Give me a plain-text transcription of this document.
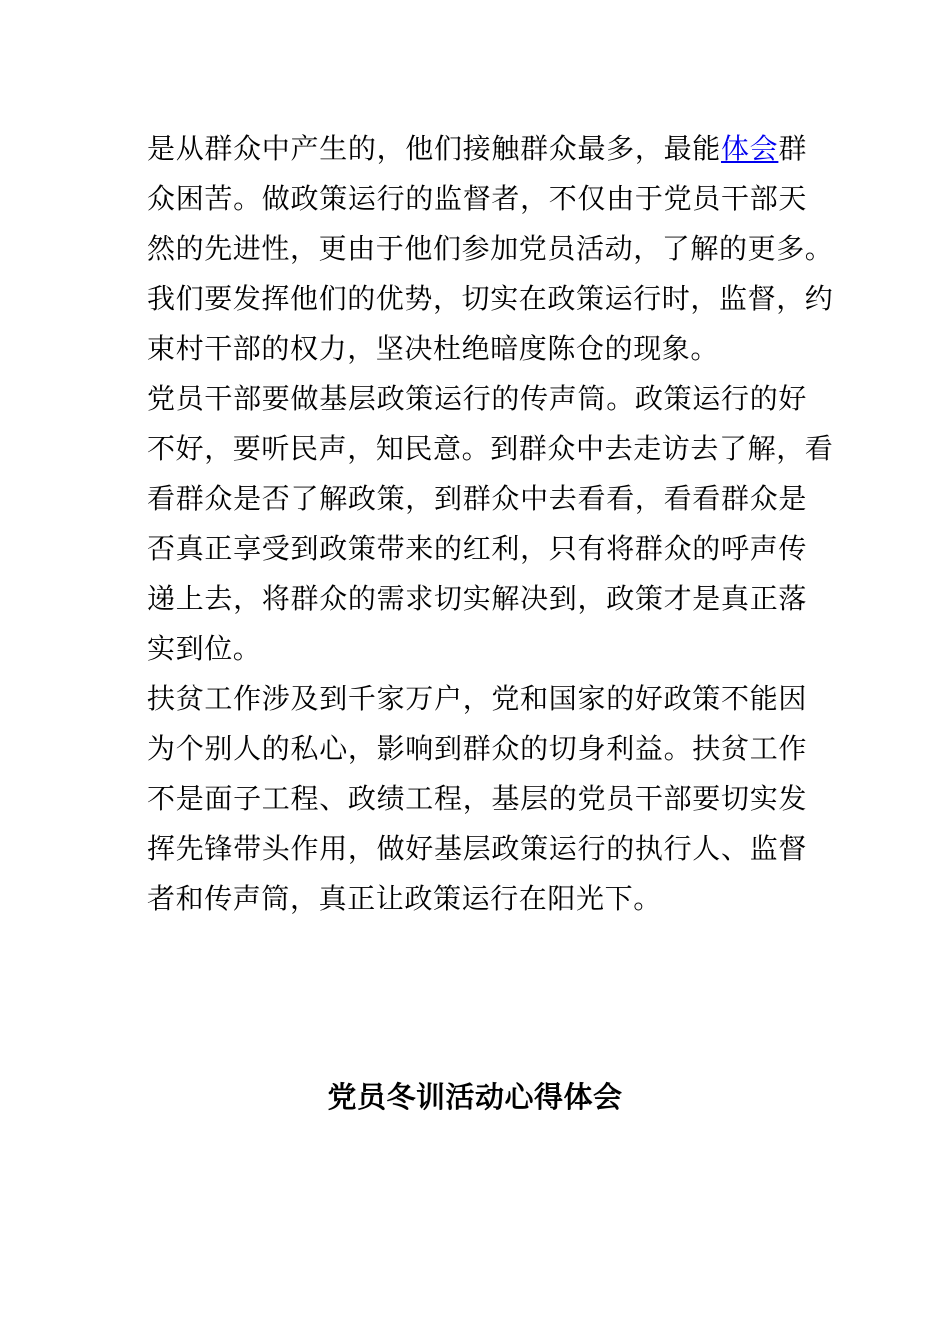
是从群众中产生的，他们接触群众最多，最能体会群
众困苦。做政策运行的监督者，不仅由于党员干部天
然的先进性，更由于他们参加党员活动，了解的更多。
我们要发挥他们的优势，切实在政策运行时，监督，约
束村干部的权力，坚决杜绝暗度陈仓的现象。
党员干部要做基层政策运行的传声筒。政策运行的好
不好，要听民声，知民意。到群众中去走访去了解，看
看群众是否了解政策，到群众中去看看，看看群众是
否真正享受到政策带来的红利，只有将群众的呼声传
递上去，将群众的需求切实解决到，政策才是真正落
实到位。
扶贫工作涉及到千家万户，党和国家的好政策不能因
为个别人的私心，影响到群众的切身利益。扶贫工作
不是面子工程、政绩工程，基层的党员干部要切实发
挥先锋带头作用，做好基层政策运行的执行人、监督
者和传声筒，真正让政策运行在阳光下。
党员冬训活动心得体会
